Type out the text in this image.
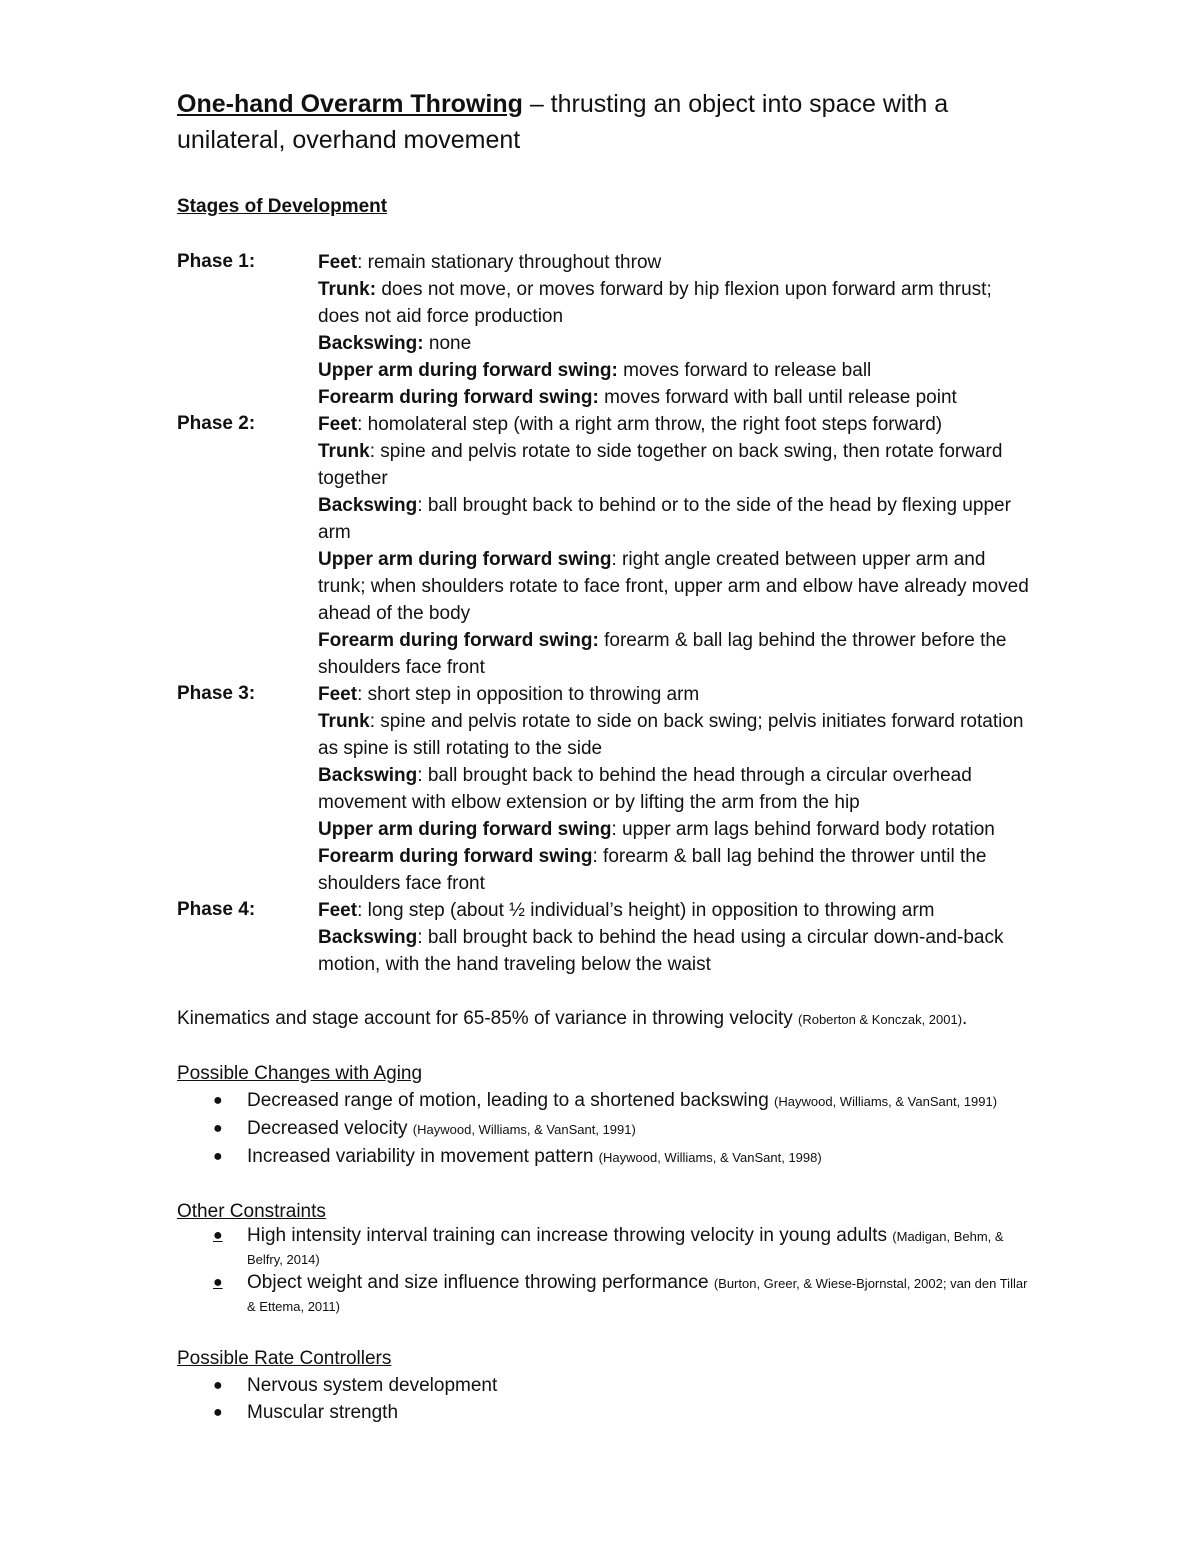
One-hand Overarm Throwing – thrusting an object into space with a unilateral, overhand movement
Stages of Development
Phase 1:	Feet: remain stationary throughout throw
Trunk: does not move, or moves forward by hip flexion upon forward arm thrust; does not aid force production
Backswing: none
Upper arm during forward swing: moves forward to release ball
Forearm during forward swing: moves forward with ball until release point
Phase 2:	Feet: homolateral step (with a right arm throw, the right foot steps forward)
Trunk: spine and pelvis rotate to side together on back swing, then rotate forward together
Backswing: ball brought back to behind or to the side of the head by flexing upper arm
Upper arm during forward swing: right angle created between upper arm and trunk; when shoulders rotate to face front, upper arm and elbow have already moved ahead of the body
Forearm during forward swing: forearm & ball lag behind the thrower before the shoulders face front
Phase 3:	Feet: short step in opposition to throwing arm
Trunk: spine and pelvis rotate to side on back swing; pelvis initiates forward rotation as spine is still rotating to the side
Backswing: ball brought back to behind the head through a circular overhead movement with elbow extension or by lifting the arm from the hip
Upper arm during forward swing: upper arm lags behind forward body rotation
Forearm during forward swing: forearm & ball lag behind the thrower until the shoulders face front
Phase 4:	Feet: long step (about ½ individual’s height) in opposition to throwing arm
Backswing: ball brought back to behind the head using a circular down-and-back motion, with the hand traveling below the waist
Kinematics and stage account for 65-85% of variance in throwing velocity (Roberton & Konczak, 2001).
Possible Changes with Aging
● Decreased range of motion, leading to a shortened backswing (Haywood, Williams, & VanSant, 1991)
● Decreased velocity (Haywood, Williams, & VanSant, 1991)
● Increased variability in movement pattern (Haywood, Williams, & VanSant, 1998)
Other Constraints
● High intensity interval training can increase throwing velocity in young adults (Madigan, Behm, & Belfry, 2014)
● Object weight and size influence throwing performance (Burton, Greer, & Wiese-Bjornstal, 2002; van den Tillar & Ettema, 2011)
Possible Rate Controllers
● Nervous system development
● Muscular strength
